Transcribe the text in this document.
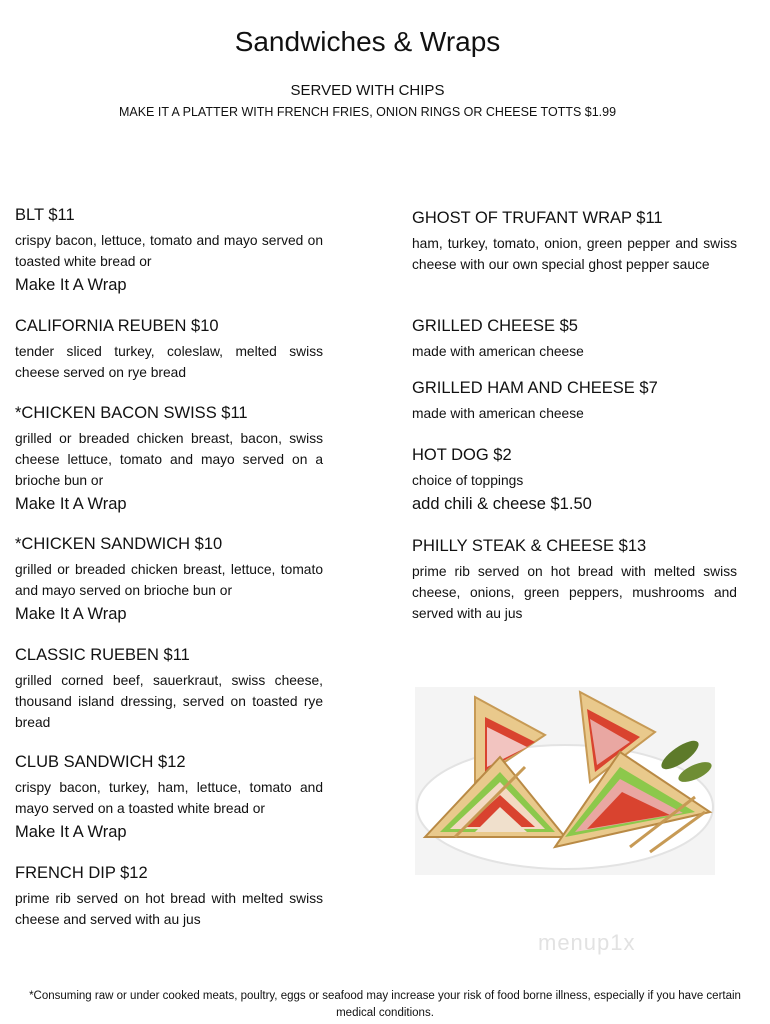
Sandwiches & Wraps
SERVED WITH CHIPS
MAKE IT A PLATTER WITH FRENCH FRIES, ONION RINGS OR CHEESE TOTTS $1.99
BLT $11

crispy bacon, lettuce, tomato and mayo served on toasted white bread or

Make It A Wrap
CALIFORNIA REUBEN $10

tender sliced turkey, coleslaw, melted swiss cheese served on rye bread

*CHICKEN BACON SWISS $11

grilled or breaded chicken breast, bacon, swiss cheese lettuce, tomato and mayo served on a brioche bun or

Make It A Wrap
*CHICKEN SANDWICH $10

grilled or breaded chicken breast, lettuce, tomato and mayo served on brioche bun or

Make It A Wrap
CLASSIC RUEBEN $11

grilled corned beef, sauerkraut, swiss cheese, thousand island dressing, served on toasted rye bread

CLUB SANDWICH $12

crispy bacon, turkey, ham, lettuce, tomato and mayo served on a toasted white bread or

Make It A Wrap
FRENCH DIP $12

prime rib served on hot bread with melted swiss cheese and served with au jus

GHOST OF TRUFANT WRAP $11

ham, turkey, tomato, onion, green pepper and swiss cheese with our own special ghost pepper sauce

GRILLED CHEESE $5

made with american cheese

GRILLED HAM AND CHEESE $7

made with american cheese

HOT DOG $2

choice of toppings

add chili & cheese $1.50
PHILLY STEAK & CHEESE $13

prime rib served on hot bread with melted swiss cheese, onions, green peppers, mushrooms and served with au jus

menup1x
*Consuming raw or under cooked meats, poultry, eggs or seafood may increase your risk of food borne illness, especially if you have certain medical conditions.
